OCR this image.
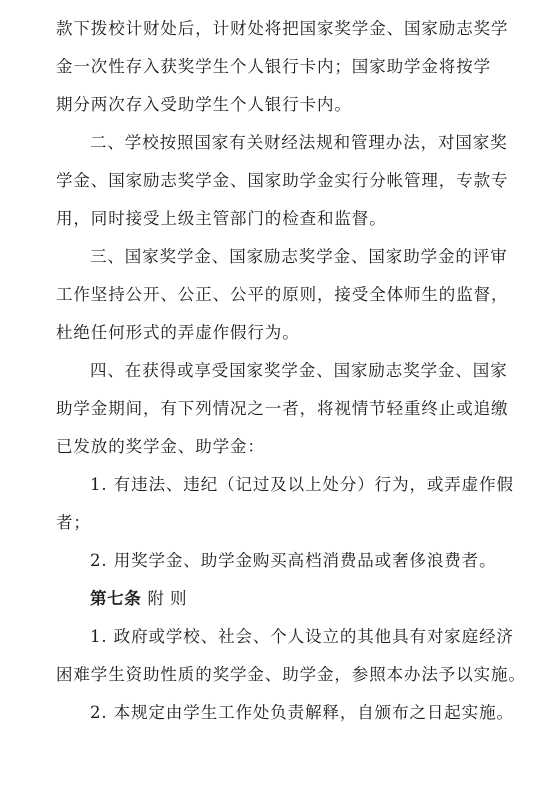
款下拨校计财处后，计财处将把国家奖学金、国家励志奖学
金一次性存入获奖学生个人银行卡内；国家助学金将按学
期分两次存入受助学生个人银行卡内。
二、学校按照国家有关财经法规和管理办法，对国家奖
学金、国家励志奖学金、国家助学金实行分帐管理，专款专
用，同时接受上级主管部门的检查和监督。
三、国家奖学金、国家励志奖学金、国家助学金的评审
工作坚持公开、公正、公平的原则，接受全体师生的监督，
杜绝任何形式的弄虚作假行为。
四、在获得或享受国家奖学金、国家励志奖学金、国家
助学金期间，有下列情况之一者，将视情节轻重终止或追缴
已发放的奖学金、助学金：
1. 有违法、违纪（记过及以上处分）行为，或弄虚作假
者；
2. 用奖学金、助学金购买高档消费品或奢侈浪费者。
第七条 附则
1. 政府或学校、社会、个人设立的其他具有对家庭经济
困难学生资助性质的奖学金、助学金，参照本办法予以实施。
2. 本规定由学生工作处负责解释，自颁布之日起实施。
